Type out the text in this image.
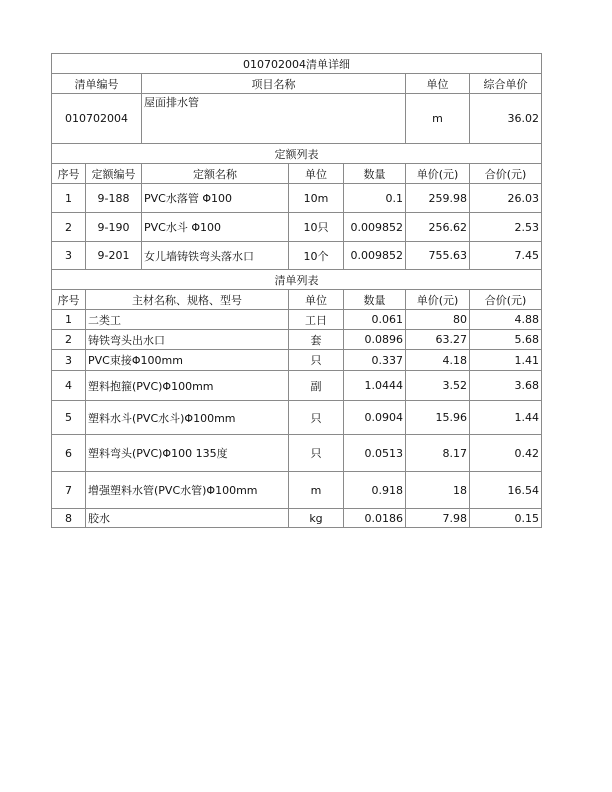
010702004清单详细						
清单编号		项目名称			单位	综合单价
010702004		屋面排水管			m	36.02
定额列表						
序号	定额编号	定额名称	单位	数量	单价(元)	合价(元)
1	9-188	PVC水落管 Φ100	10m	0.1	259.98	26.03
2	9-190	PVC水斗 Φ100	10只	0.009852	256.62	2.53
3	9-201	女儿墙铸铁弯头落水口	10个	0.009852	755.63	7.45
清单列表						
序号	主材名称、规格、型号		单位	数量	单价(元)	合价(元)
1	二类工		工日	0.061	80	4.88
2	铸铁弯头出水口		套	0.0896	63.27	5.68
3	PVC束接Φ100mm		只	0.337	4.18	1.41
4	塑料抱箍(PVC)Φ100mm		副	1.0444	3.52	3.68
5	塑料水斗(PVC水斗)Φ100mm		只	0.0904	15.96	1.44
6	塑料弯头(PVC)Φ100 135度		只	0.0513	8.17	0.42
7	增强塑料水管(PVC水管)Φ100mm		m	0.918	18	16.54
8	胶水		kg	0.0186	7.98	0.15
